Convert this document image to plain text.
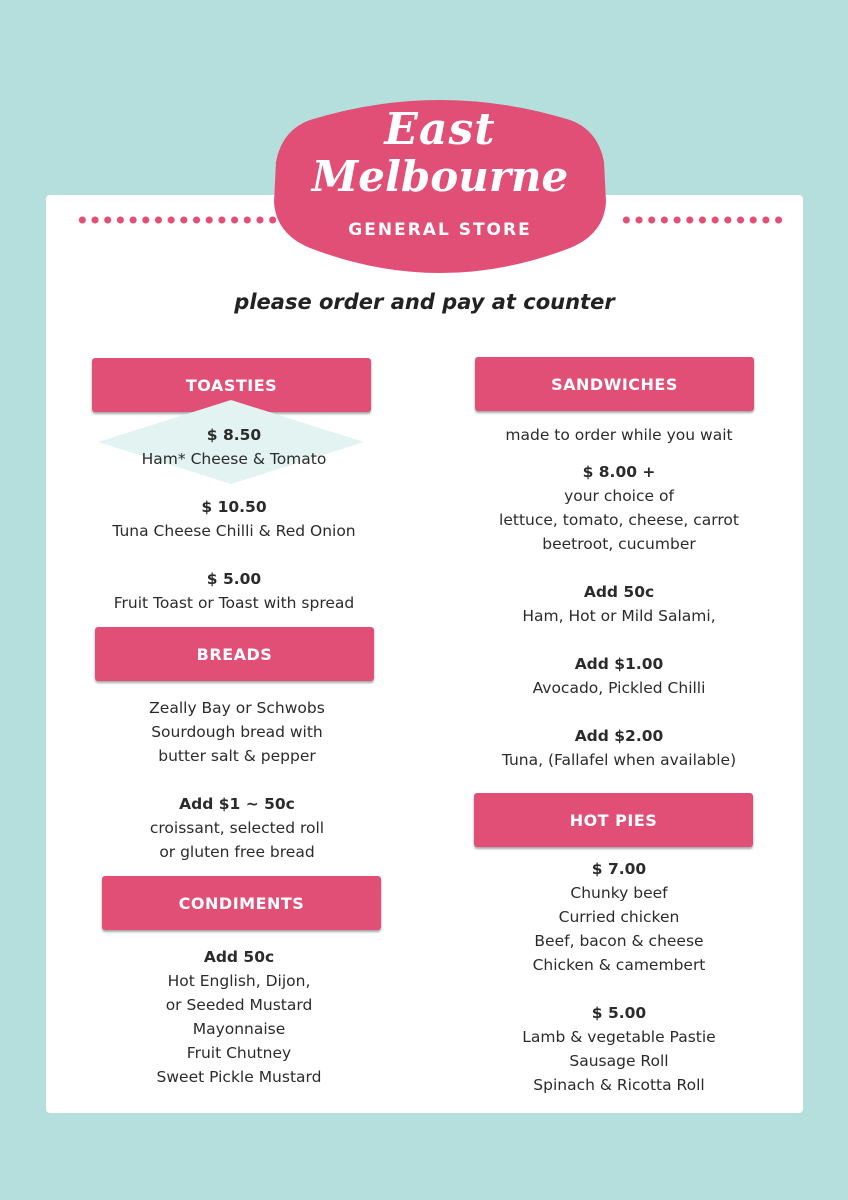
East
Melbourne
GENERAL STORE
please order and pay at counter
TOASTIES
$ 8.50
Ham* Cheese & Tomato
$ 10.50
Tuna Cheese Chilli & Red Onion
$ 5.00
Fruit Toast or Toast with spread
BREADS
Zeally Bay or Schwobs
Sourdough bread with
butter salt & pepper
Add $1 ~ 50c
croissant, selected roll
or gluten free bread
CONDIMENTS
Add 50c
Hot English, Dijon,
or Seeded Mustard
Mayonnaise
Fruit Chutney
Sweet Pickle Mustard
SANDWICHES
made to order while you wait
$ 8.00 +
your choice of
lettuce, tomato, cheese, carrot
beetroot, cucumber
Add 50c
Ham, Hot or Mild Salami,
Add $1.00
Avocado, Pickled Chilli
Add $2.00
Tuna, (Fallafel when available)
HOT PIES
$ 7.00
Chunky beef
Curried chicken
Beef, bacon & cheese
Chicken & camembert
$ 5.00
Lamb & vegetable Pastie
Sausage Roll
Spinach & Ricotta Roll
